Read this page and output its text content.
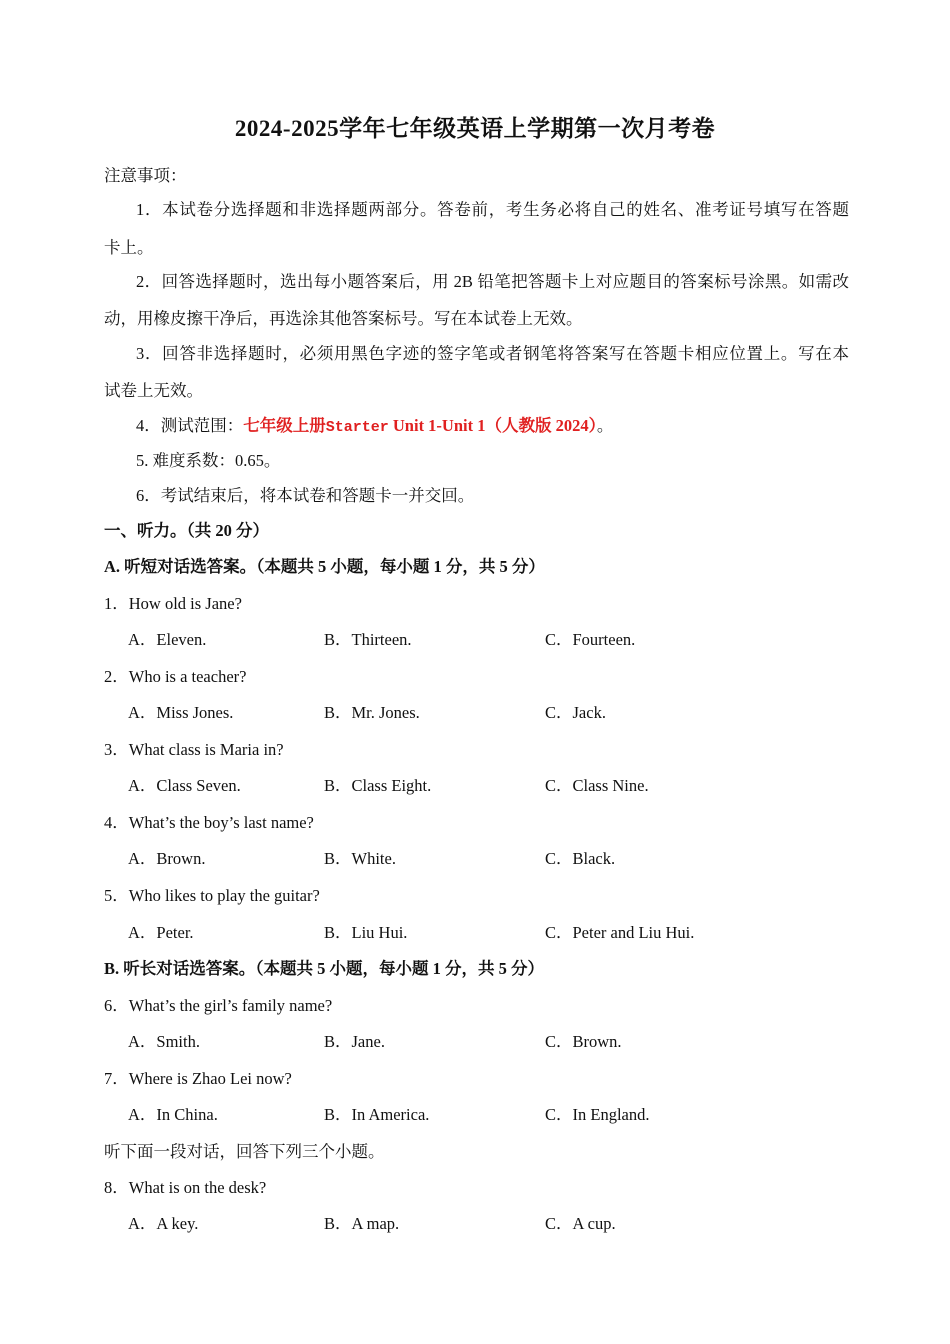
2024-2025学年七年级英语上学期第一次月考卷
注意事项：
1．本试卷分选择题和非选择题两部分。答卷前，考生务必将自己的姓名、准考证号填写在答题
卡上。
2．回答选择题时，选出每小题答案后，用 2B 铅笔把答题卡上对应题目的答案标号涂黑。如需改
动，用橡皮擦干净后，再选涂其他答案标号。写在本试卷上无效。
3．回答非选择题时，必须用黑色字迹的签字笔或者钢笔将答案写在答题卡相应位置上。写在本
试卷上无效。
4．测试范围：七年级上册Starter Unit 1-Unit 1（人教版 2024）。
5. 难度系数：0.65。
6．考试结束后，将本试卷和答题卡一并交回。
一、听力。（共 20 分）
A. 听短对话选答案。（本题共 5 小题，每小题 1 分，共 5 分）
1．How old is Jane?
A．Eleven.	B．Thirteen.	C．Fourteen.
2．Who is a teacher?
A．Miss Jones.	B．Mr. Jones.	C．Jack.
3．What class is Maria in?
A．Class Seven.	B．Class Eight.	C．Class Nine.
4．What’s the boy’s last name?
A．Brown.	B．White.	C．Black.
5．Who likes to play the guitar?
A．Peter.	B．Liu Hui.	C．Peter and Liu Hui.
B. 听长对话选答案。（本题共 5 小题，每小题 1 分，共 5 分）
6．What’s the girl’s family name?
A．Smith.	B．Jane.	C．Brown.
7．Where is Zhao Lei now?
A．In China.	B．In America.	C．In England.
听下面一段对话，回答下列三个小题。
8．What is on the desk?
A．A key.	B．A map.	C．A cup.
